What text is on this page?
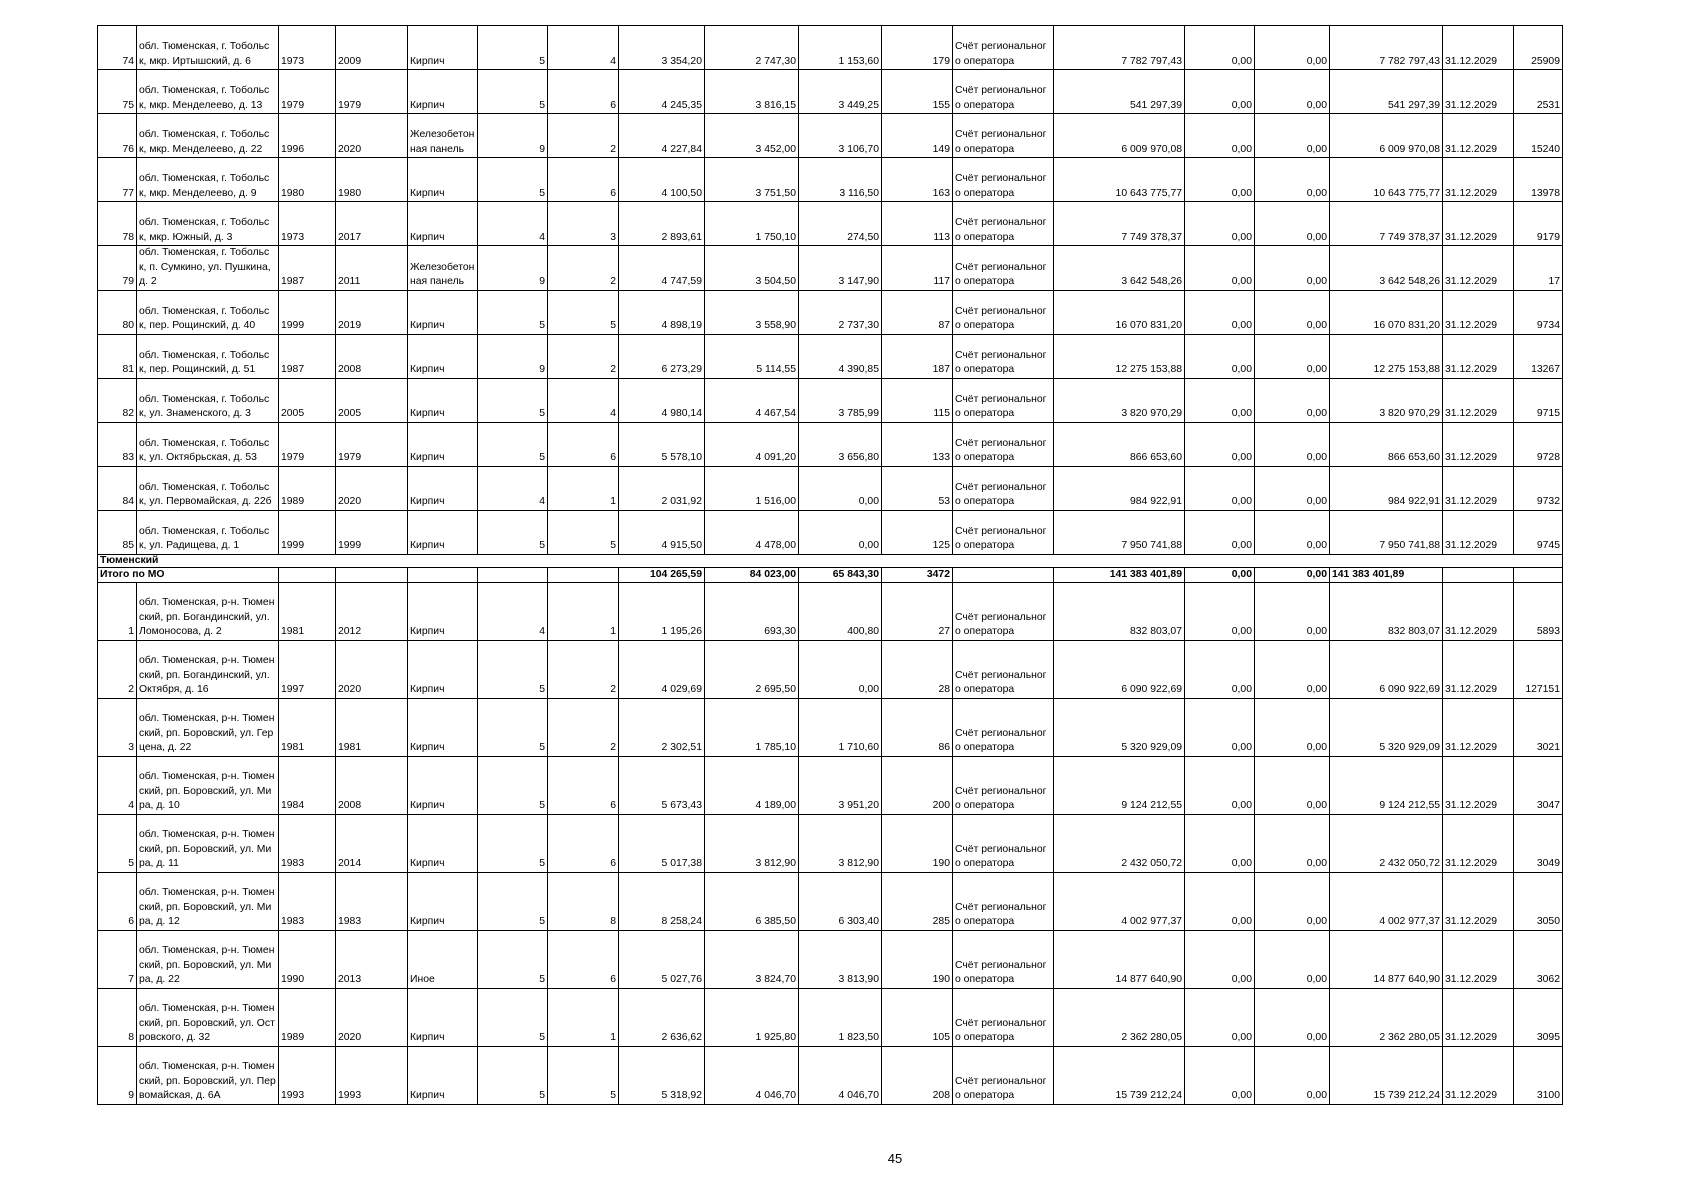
74	обл. Тюменская, г. Тобольск, мкр. Иртышский, д. 6	1973	2009	Кирпич	5	4	3 354,20	2 747,30	1 153,60	179	Счёт регионального оператора	7 782 797,43	0,00	0,00	7 782 797,43	31.12.2029	25909
75	обл. Тюменская, г. Тобольск, мкр. Менделеево, д. 13	1979	1979	Кирпич	5	6	4 245,35	3 816,15	3 449,25	155	Счёт регионального оператора	541 297,39	0,00	0,00	541 297,39	31.12.2029	2531
76	обл. Тюменская, г. Тобольск, мкр. Менделеево, д. 22	1996	2020	Железобетонная панель	9	2	4 227,84	3 452,00	3 106,70	149	Счёт регионального оператора	6 009 970,08	0,00	0,00	6 009 970,08	31.12.2029	15240
77	обл. Тюменская, г. Тобольск, мкр. Менделеево, д. 9	1980	1980	Кирпич	5	6	4 100,50	3 751,50	3 116,50	163	Счёт регионального оператора	10 643 775,77	0,00	0,00	10 643 775,77	31.12.2029	13978
78	обл. Тюменская, г. Тобольск, мкр. Южный, д. 3	1973	2017	Кирпич	4	3	2 893,61	1 750,10	274,50	113	Счёт регионального оператора	7 749 378,37	0,00	0,00	7 749 378,37	31.12.2029	9179
79	обл. Тюменская, г. Тобольск, п. Сумкино, ул. Пушкина, д. 2	1987	2011	Железобетонная панель	9	2	4 747,59	3 504,50	3 147,90	117	Счёт регионального оператора	3 642 548,26	0,00	0,00	3 642 548,26	31.12.2029	17
80	обл. Тюменская, г. Тобольск, пер. Рощинский, д. 40	1999	2019	Кирпич	5	5	4 898,19	3 558,90	2 737,30	87	Счёт регионального оператора	16 070 831,20	0,00	0,00	16 070 831,20	31.12.2029	9734
81	обл. Тюменская, г. Тобольск, пер. Рощинский, д. 51	1987	2008	Кирпич	9	2	6 273,29	5 114,55	4 390,85	187	Счёт регионального оператора	12 275 153,88	0,00	0,00	12 275 153,88	31.12.2029	13267
82	обл. Тюменская, г. Тобольск, ул. Знаменского, д. 3	2005	2005	Кирпич	5	4	4 980,14	4 467,54	3 785,99	115	Счёт регионального оператора	3 820 970,29	0,00	0,00	3 820 970,29	31.12.2029	9715
83	обл. Тюменская, г. Тобольск, ул. Октябрьская, д. 53	1979	1979	Кирпич	5	6	5 578,10	4 091,20	3 656,80	133	Счёт регионального оператора	866 653,60	0,00	0,00	866 653,60	31.12.2029	9728
84	обл. Тюменская, г. Тобольск, ул. Первомайская, д. 22б	1989	2020	Кирпич	4	1	2 031,92	1 516,00	0,00	53	Счёт регионального оператора	984 922,91	0,00	0,00	984 922,91	31.12.2029	9732
85	обл. Тюменская, г. Тобольск, ул. Радищева, д. 1	1999	1999	Кирпич	5	5	4 915,50	4 478,00	0,00	125	Счёт регионального оператора	7 950 741,88	0,00	0,00	7 950 741,88	31.12.2029	9745
Тюменский																	
Итого по МО							104 265,59	84 023,00	65 843,30	3472		141 383 401,89	0,00	0,00	141 383 401,89		
1	обл. Тюменская, р-н. Тюменский, рп. Богандинский, ул. Ломоносова, д. 2	1981	2012	Кирпич	4	1	1 195,26	693,30	400,80	27	Счёт регионального оператора	832 803,07	0,00	0,00	832 803,07	31.12.2029	5893
2	обл. Тюменская, р-н. Тюменский, рп. Богандинский, ул. Октября, д. 16	1997	2020	Кирпич	5	2	4 029,69	2 695,50	0,00	28	Счёт регионального оператора	6 090 922,69	0,00	0,00	6 090 922,69	31.12.2029	127151
3	обл. Тюменская, р-н. Тюменский, рп. Боровский, ул. Герцена, д. 22	1981	1981	Кирпич	5	2	2 302,51	1 785,10	1 710,60	86	Счёт регионального оператора	5 320 929,09	0,00	0,00	5 320 929,09	31.12.2029	3021
4	обл. Тюменская, р-н. Тюменский, рп. Боровский, ул. Мира, д. 10	1984	2008	Кирпич	5	6	5 673,43	4 189,00	3 951,20	200	Счёт регионального оператора	9 124 212,55	0,00	0,00	9 124 212,55	31.12.2029	3047
5	обл. Тюменская, р-н. Тюменский, рп. Боровский, ул. Мира, д. 11	1983	2014	Кирпич	5	6	5 017,38	3 812,90	3 812,90	190	Счёт регионального оператора	2 432 050,72	0,00	0,00	2 432 050,72	31.12.2029	3049
6	обл. Тюменская, р-н. Тюменский, рп. Боровский, ул. Мира, д. 12	1983	1983	Кирпич	5	8	8 258,24	6 385,50	6 303,40	285	Счёт регионального оператора	4 002 977,37	0,00	0,00	4 002 977,37	31.12.2029	3050
7	обл. Тюменская, р-н. Тюменский, рп. Боровский, ул. Мира, д. 22	1990	2013	Иное	5	6	5 027,76	3 824,70	3 813,90	190	Счёт регионального оператора	14 877 640,90	0,00	0,00	14 877 640,90	31.12.2029	3062
8	обл. Тюменская, р-н. Тюменский, рп. Боровский, ул. Островского, д. 32	1989	2020	Кирпич	5	1	2 636,62	1 925,80	1 823,50	105	Счёт регионального оператора	2 362 280,05	0,00	0,00	2 362 280,05	31.12.2029	3095
9	обл. Тюменская, р-н. Тюменский, рп. Боровский, ул. Первомайская, д. 6А	1993	1993	Кирпич	5	5	5 318,92	4 046,70	4 046,70	208	Счёт регионального оператора	15 739 212,24	0,00	0,00	15 739 212,24	31.12.2029	3100
45
